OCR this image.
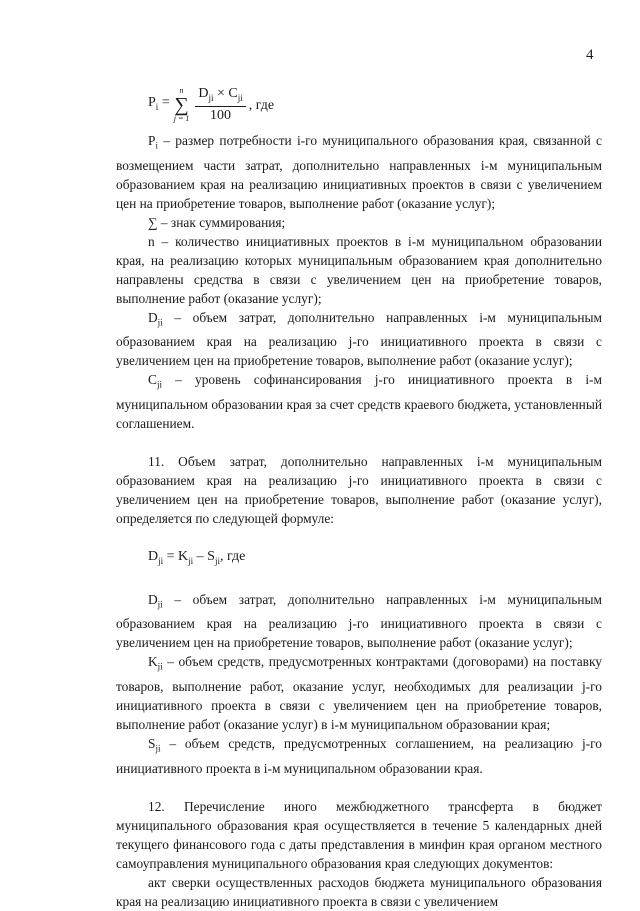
4
$P_i$ =
n
∑
$j = 1 \frac{D_{ji} \times C_{ji}}{100}$ , где

$P_i$ – размер потребности i-го муниципального образования края, связанной с возмещением части затрат, дополнительно направленных i-м муниципальным образованием края на реализацию инициативных проектов в связи с увеличением цен на приобретение товаров, выполнение работ (оказание услуг);

∑ – знак суммирования;

n – количество инициативных проектов в i-м муниципальном образовании края, на реализацию которых муниципальным образованием края дополнительно направлены средства в связи с увеличением цен на приобретение товаров, выполнение работ (оказание услуг);

$D_{ji}$ – объем затрат, дополнительно направленных i-м муниципальным образованием края на реализацию j-го инициативного проекта в связи с увеличением цен на приобретение товаров, выполнение работ (оказание услуг);

$C_{ji}$ – уровень софинансирования j-го инициативного проекта в i-м муниципальном образовании края за счет средств краевого бюджета, установленный соглашением.

11. Объем затрат, дополнительно направленных i-м муниципальным образованием края на реализацию j-го инициативного проекта в связи с увеличением цен на приобретение товаров, выполнение работ (оказание услуг), определяется по следующей формуле:

$D_{ji} = K_{ji} - S_{ji}$, где

$D_{ji}$ – объем затрат, дополнительно направленных i-м муниципальным образованием края на реализацию j-го инициативного проекта в связи с увеличением цен на приобретение товаров, выполнение работ (оказание услуг);

$K_{ji}$ – объем средств, предусмотренных контрактами (договорами) на поставку товаров, выполнение работ, оказание услуг, необходимых для реализации j-го инициативного проекта в связи с увеличением цен на приобретение товаров, выполнение работ (оказание услуг) в i-м муниципальном образовании края;

$S_{ji}$ – объем средств, предусмотренных соглашением, на реализацию j-го инициативного проекта в i-м муниципальном образовании края.

12. Перечисление иного межбюджетного трансферта в бюджет муниципального образования края осуществляется в течение 5 календарных дней текущего финансового года с даты представления в минфин края органом местного самоуправления муниципального образования края следующих документов:

акт сверки осуществленных расходов бюджета муниципального образования края на реализацию инициативного проекта в связи с увеличением
